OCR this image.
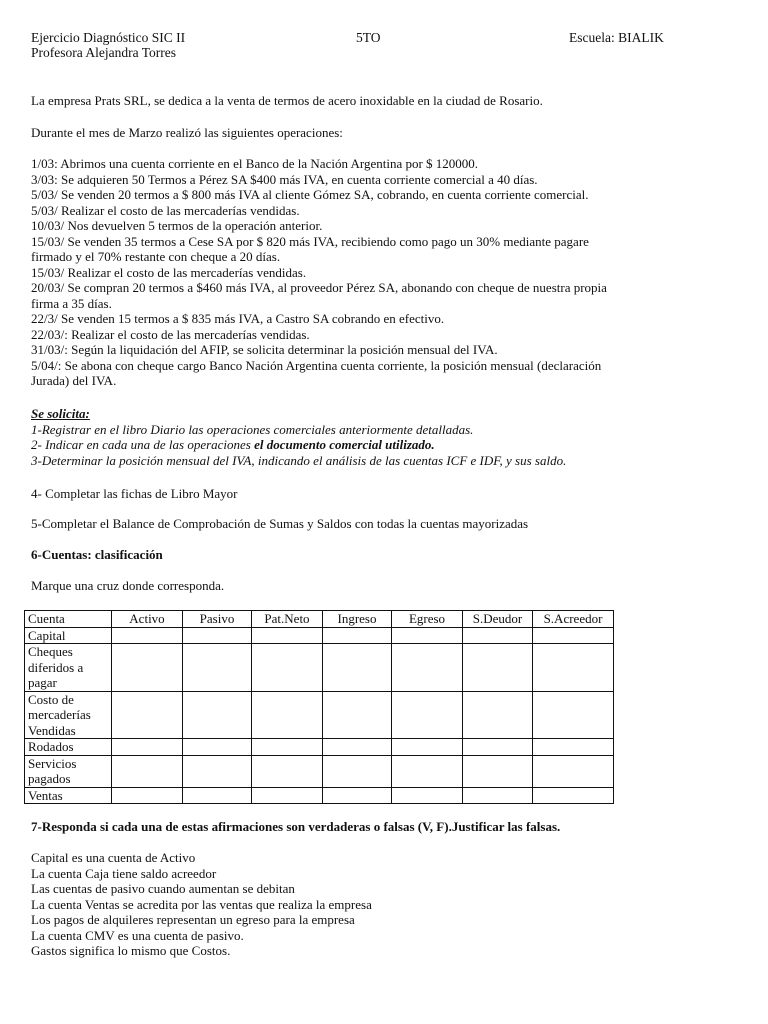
Ejercicio Diagnóstico SIC II	5TO	Escuela: BIALIK
Profesora Alejandra Torres
La empresa Prats SRL, se dedica a la venta de termos de acero inoxidable en la ciudad de Rosario.
Durante el mes de Marzo realizó las siguientes operaciones:
1/03: Abrimos una cuenta corriente en el Banco de la Nación Argentina por $ 120000.
3/03: Se adquieren 50 Termos a Pérez SA $400 más IVA, en cuenta corriente comercial a 40 días.
5/03/ Se venden 20 termos a $ 800 más IVA al cliente Gómez SA, cobrando, en cuenta corriente comercial.
5/03/ Realizar el costo de las mercaderías vendidas.
10/03/ Nos devuelven 5 termos de la operación anterior.
15/03/ Se venden 35 termos a Cese SA por $ 820 más IVA, recibiendo como pago un 30% mediante pagare
firmado y el 70% restante con cheque a 20 días.
15/03/ Realizar el costo de las mercaderías vendidas.
20/03/ Se compran 20 termos a $460 más IVA, al proveedor Pérez SA, abonando con cheque de nuestra propia
firma a 35 días.
22/3/ Se venden 15 termos a $ 835 más IVA, a Castro SA cobrando en efectivo.
22/03/: Realizar el costo de las mercaderías vendidas.
31/03/: Según la liquidación del AFIP, se solicita determinar la posición mensual del IVA.
5/04/: Se abona con cheque cargo Banco Nación Argentina cuenta corriente, la posición mensual (declaración
Jurada) del IVA.
Se solicita:
1-Registrar en el libro Diario las operaciones comerciales anteriormente detalladas.
2- Indicar en cada una de las operaciones el documento comercial utilizado.
3-Determinar la posición mensual del IVA, indicando el análisis de las cuentas ICF e IDF, y sus saldo.
4- Completar las fichas de Libro Mayor
5-Completar el Balance de Comprobación de Sumas y Saldos con todas la cuentas mayorizadas
6-Cuentas: clasificación
Marque una cruz donde corresponda.
Cuenta	Activo	Pasivo	Pat.Neto	Ingreso	Egreso	S.Deudor	S.Acreedor

Capital							

Cheques
diferidos a
pagar							

Costo de
mercaderías
Vendidas							

Rodados							

Servicios
pagados							

Ventas							

7-Responda si cada una de estas afirmaciones son verdaderas o falsas (V, F).Justificar las falsas.
Capital es una cuenta de Activo
La cuenta Caja tiene saldo acreedor
Las cuentas de pasivo cuando aumentan se debitan
La cuenta Ventas se acredita por las ventas que realiza la empresa
Los pagos de alquileres representan un egreso para la empresa
La cuenta CMV es una cuenta de pasivo.
Gastos significa lo mismo que Costos.
